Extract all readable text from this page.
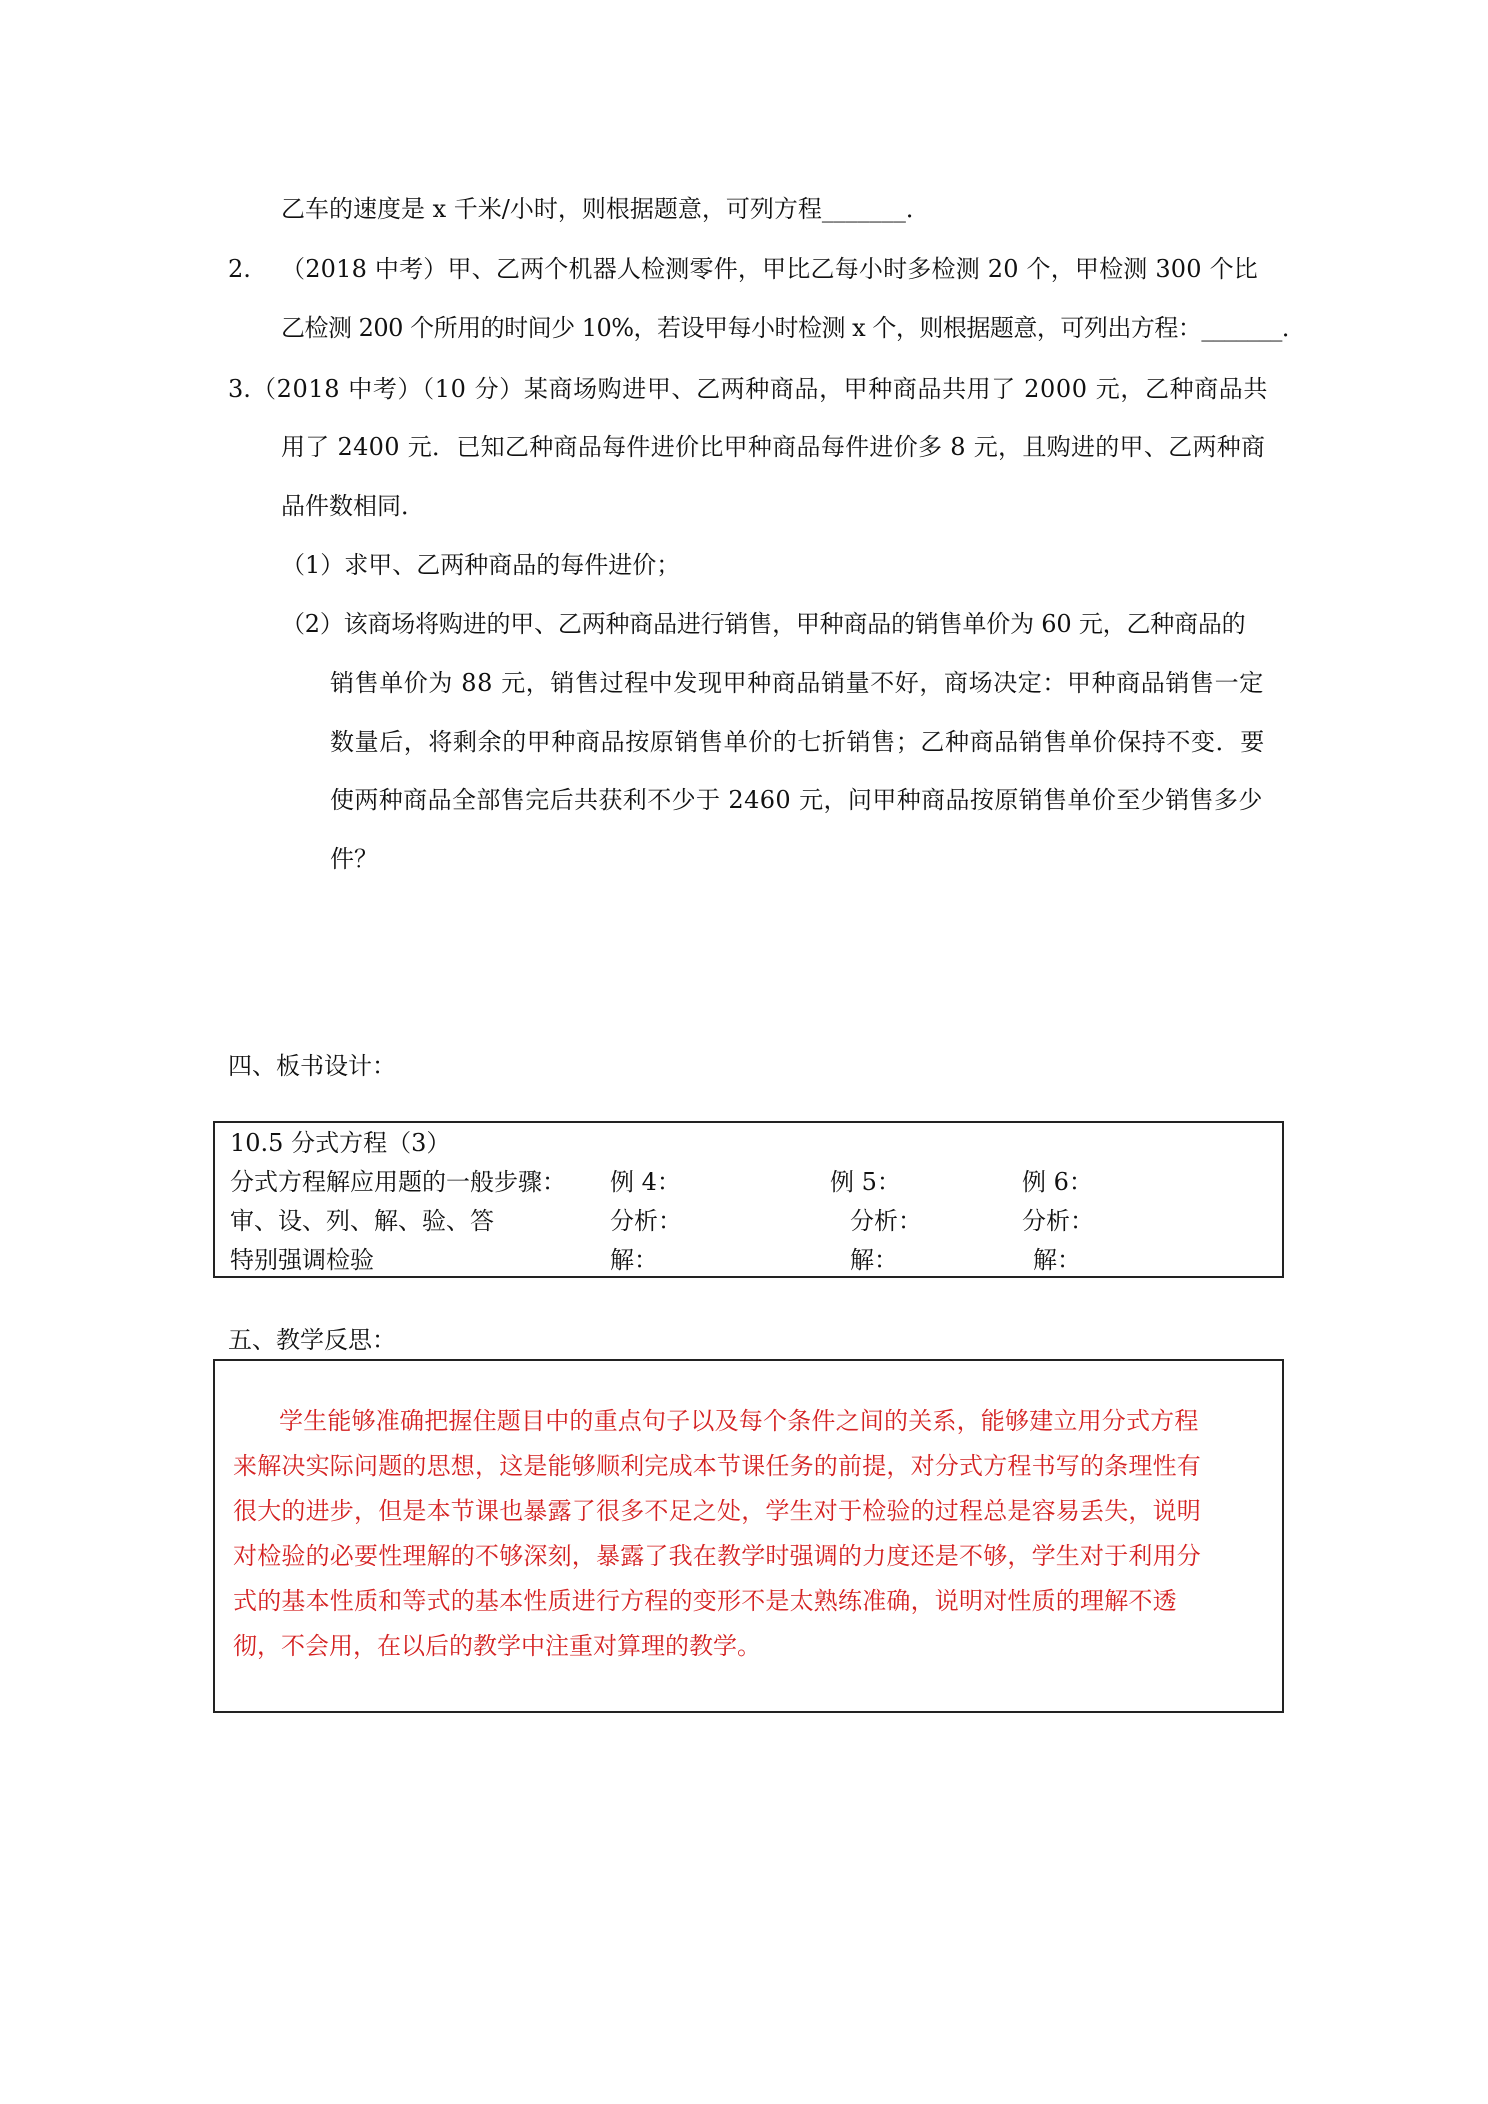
乙车的速度是 x 千米/小时，则根据题意，可列方程_______．
2. （2018 中考）甲、乙两个机器人检测零件，甲比乙每小时多检测 20 个，甲检测 300 个比
乙检测 200 个所用的时间少 10%，若设甲每小时检测 x 个，则根据题意，可列出方程：_______．
3. （2018 中考）（10 分）某商场购进甲、乙两种商品，甲种商品共用了 2000 元，乙种商品共
用了 2400 元．已知乙种商品每件进价比甲种商品每件进价多 8 元，且购进的甲、乙两种商
品件数相同．
（1）求甲、乙两种商品的每件进价；
（2）该商场将购进的甲、乙两种商品进行销售，甲种商品的销售单价为 60 元，乙种商品的
销售单价为 88 元，销售过程中发现甲种商品销量不好，商场决定：甲种商品销售一定
数量后，将剩余的甲种商品按原销售单价的七折销售；乙种商品销售单价保持不变．要
使两种商品全部售完后共获利不少于 2460 元，问甲种商品按原销售单价至少销售多少
件？
四、板书设计：
10.5 分式方程（3）
分式方程解应用题的一般步骤： 例 4：	例 5：	例 6：
审、设、列、解、验、答	分析：	分析：	分析：
特别强调检验	解：	解：	解：
五、教学反思：
学生能够准确把握住题目中的重点句子以及每个条件之间的关系，能够建立用分式方程
来解决实际问题的思想，这是能够顺利完成本节课任务的前提，对分式方程书写的条理性有
很大的进步，但是本节课也暴露了很多不足之处，学生对于检验的过程总是容易丢失，说明
对检验的必要性理解的不够深刻，暴露了我在教学时强调的力度还是不够，学生对于利用分
式的基本性质和等式的基本性质进行方程的变形不是太熟练准确，说明对性质的理解不透
彻，不会用，在以后的教学中注重对算理的教学。
